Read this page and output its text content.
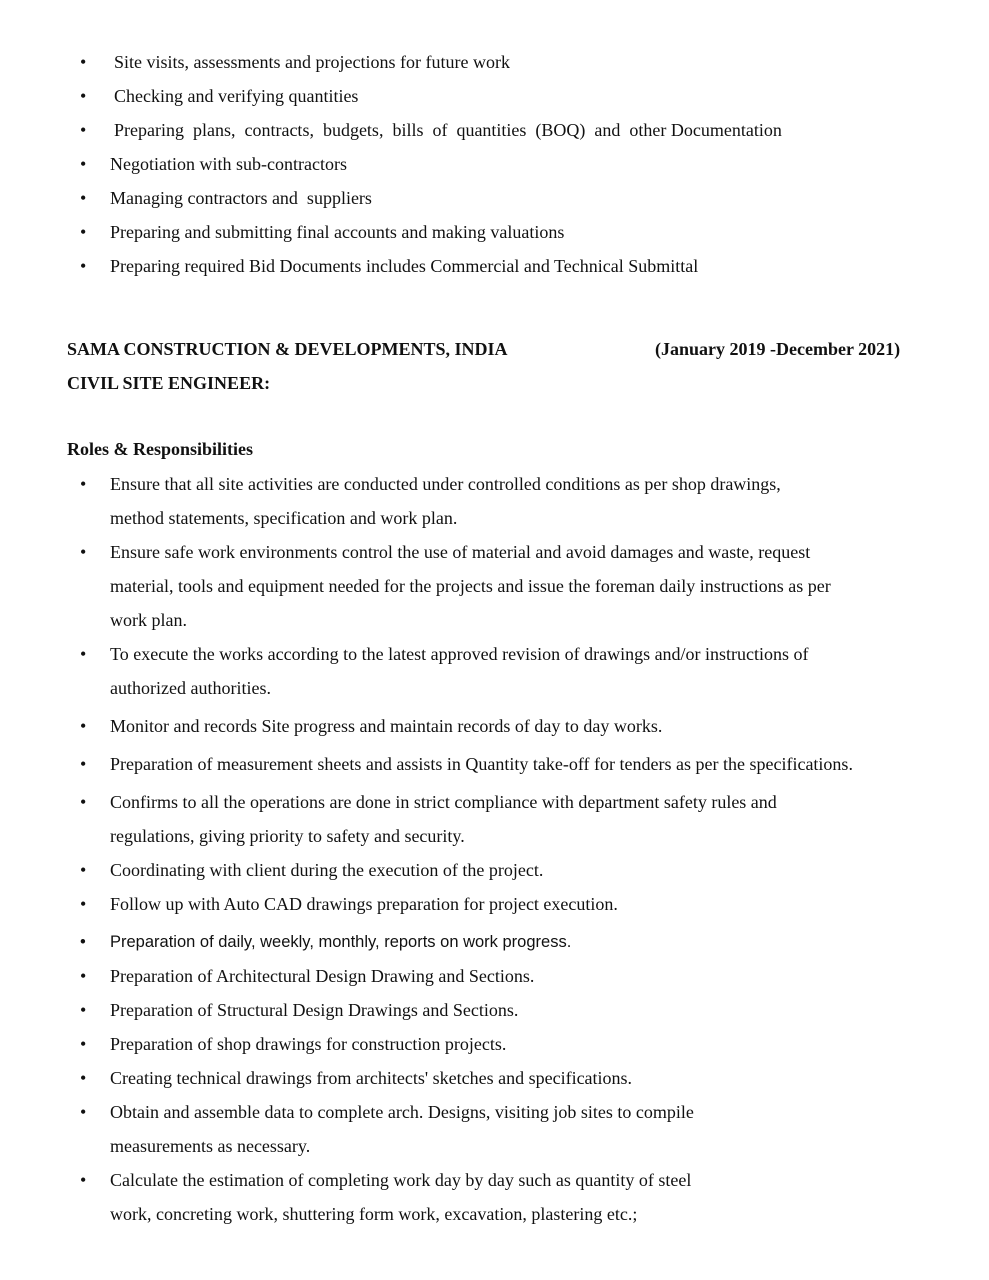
• Site visits, assessments and projections for future work
• Checking and verifying quantities
• Preparing  plans,  contracts,  budgets,  bills  of  quantities  (BOQ)  and  other Documentation
• Negotiation with sub-contractors
• Managing contractors and  suppliers
• Preparing and submitting final accounts and making valuations
• Preparing required Bid Documents includes Commercial and Technical Submittal
SAMA CONSTRUCTION & DEVELOPMENTS, INDIA	(January 2019 -December 2021)
CIVIL SITE ENGINEER:
Roles & Responsibilities
• Ensure that all site activities are conducted under controlled conditions as per shop drawings,
method statements, specification and work plan.
• Ensure safe work environments control the use of material and avoid damages and waste, request
material, tools and equipment needed for the projects and issue the foreman daily instructions as per
work plan.
• To execute the works according to the latest approved revision of drawings and/or instructions of
authorized authorities.
• Monitor and records Site progress and maintain records of day to day works.
• Preparation of measurement sheets and assists in Quantity take-off for tenders as per the specifications.
• Confirms to all the operations are done in strict compliance with department safety rules and
regulations, giving priority to safety and security.
• Coordinating with client during the execution of the project.
• Follow up with Auto CAD drawings preparation for project execution.
• Preparation of daily, weekly, monthly, reports on work progress.
• Preparation of Architectural Design Drawing and Sections.
• Preparation of Structural Design Drawings and Sections.
• Preparation of shop drawings for construction projects.
• Creating technical drawings from architects' sketches and specifications.
• Obtain and assemble data to complete arch. Designs, visiting job sites to compile
measurements as necessary.
• Calculate the estimation of completing work day by day such as quantity of steel
work, concreting work, shuttering form work, excavation, plastering etc.;
